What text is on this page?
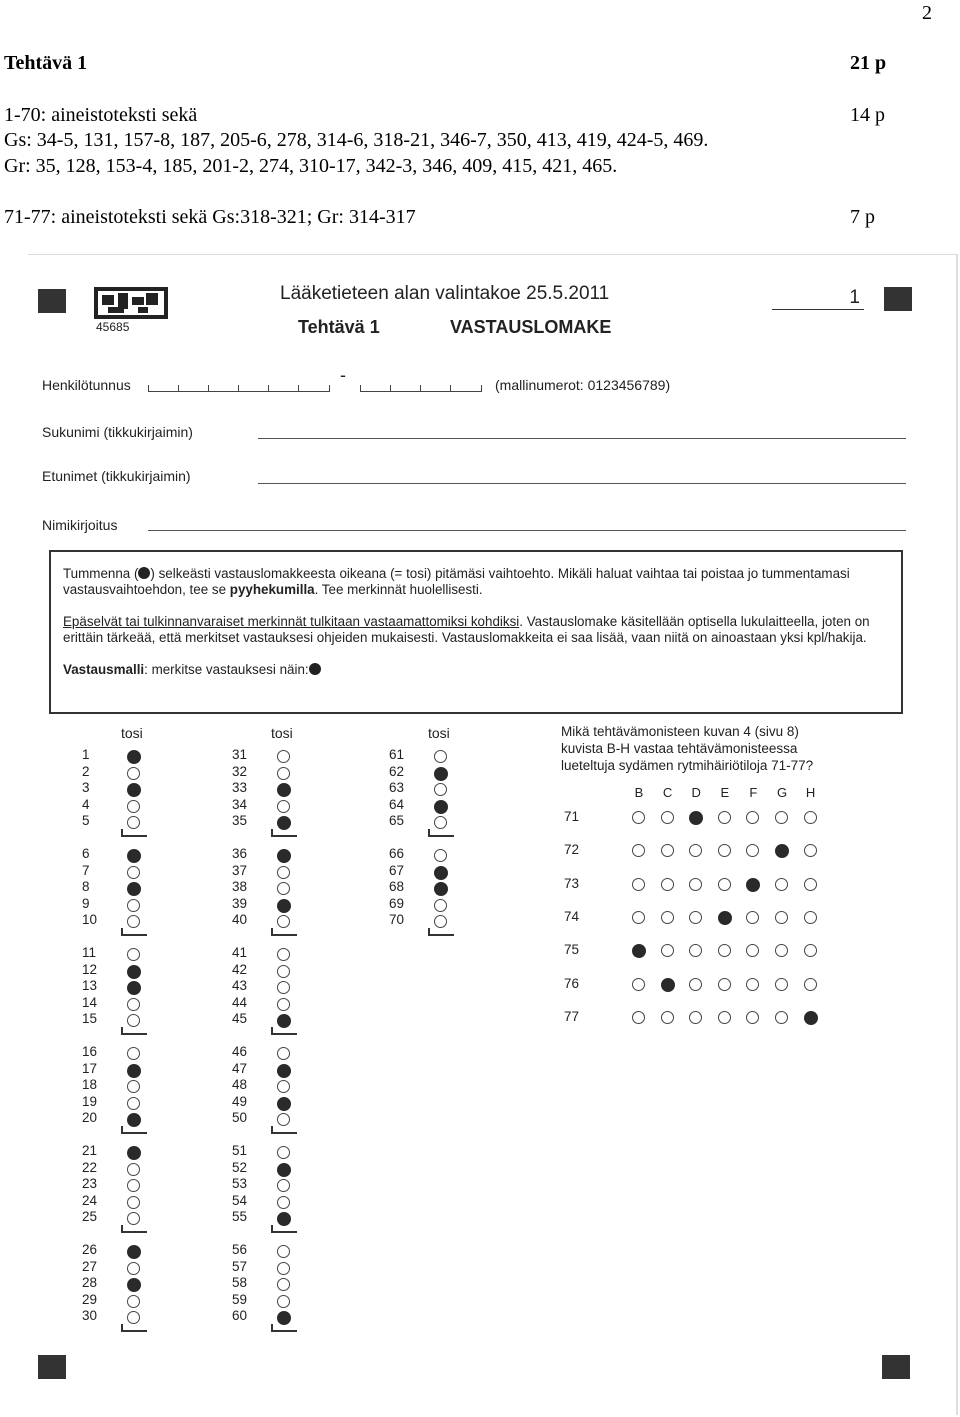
2
Tehtävä 1	21 p
1-70: aineistoteksti sekä	14 p
Gs: 34-5, 131, 157-8, 187, 205-6, 278, 314-6, 318-21, 346-7, 350, 413, 419, 424-5, 469.
Gr: 35, 128, 153-4, 185, 201-2, 274, 310-17, 342-3, 346, 409, 415, 421, 465.
71-77: aineistoteksti sekä Gs:318-321; Gr: 314-317	7 p
45685
Lääketieteen alan valintakoe 25.5.2011
Tehtävä 1	VASTAUSLOMAKE
1
Henkilötunnus	-	(mallinumerot: 0123456789)
Sukunimi (tikkukirjaimin)
Etunimet (tikkukirjaimin)
Nimikirjoitus

Tummenna ( ) selkeästi vastauslomakkeesta oikeana (= tosi) pitämäsi vaihtoehto. Mikäli haluat vaihtaa tai poistaa jo tummentamasi vastausvaihtoehdon, tee se pyyhekumilla. Tee merkinnät huolellisesti.

Epäselvät tai tulkinnanvaraiset merkinnät tulkitaan vastaamattomiksi kohdiksi. Vastauslomake käsitellään optisella lukulaitteella, joten on erittäin tärkeää, että merkitset vastauksesi ohjeiden mukaisesti. Vastauslomakkeita ei saa lisää, vaan niitä on ainoastaan yksi kpl/hakija.

Vastausmalli: merkitse vastauksesi näin:

tosi
1
2
3
4
5
6
7
8
9
10
11
12
13
14
15
16
17
18
19
20
21
22
23
24
25
26
27
28
29
30
tosi
31
32
33
34
35
36
37
38
39
40
41
42
43
44
45
46
47
48
49
50
51
52
53
54
55
56
57
58
59
60
tosi
61
62
63
64
65
66
67
68
69
70
Mikä tehtävämonisteen kuvan 4 (sivu 8)
kuvista B-H vastaa tehtävämonisteessa
lueteltuja sydämen rytmihäiriötiloja 71-77?
B C D E F G H
71
72
73
74
75
76
77
